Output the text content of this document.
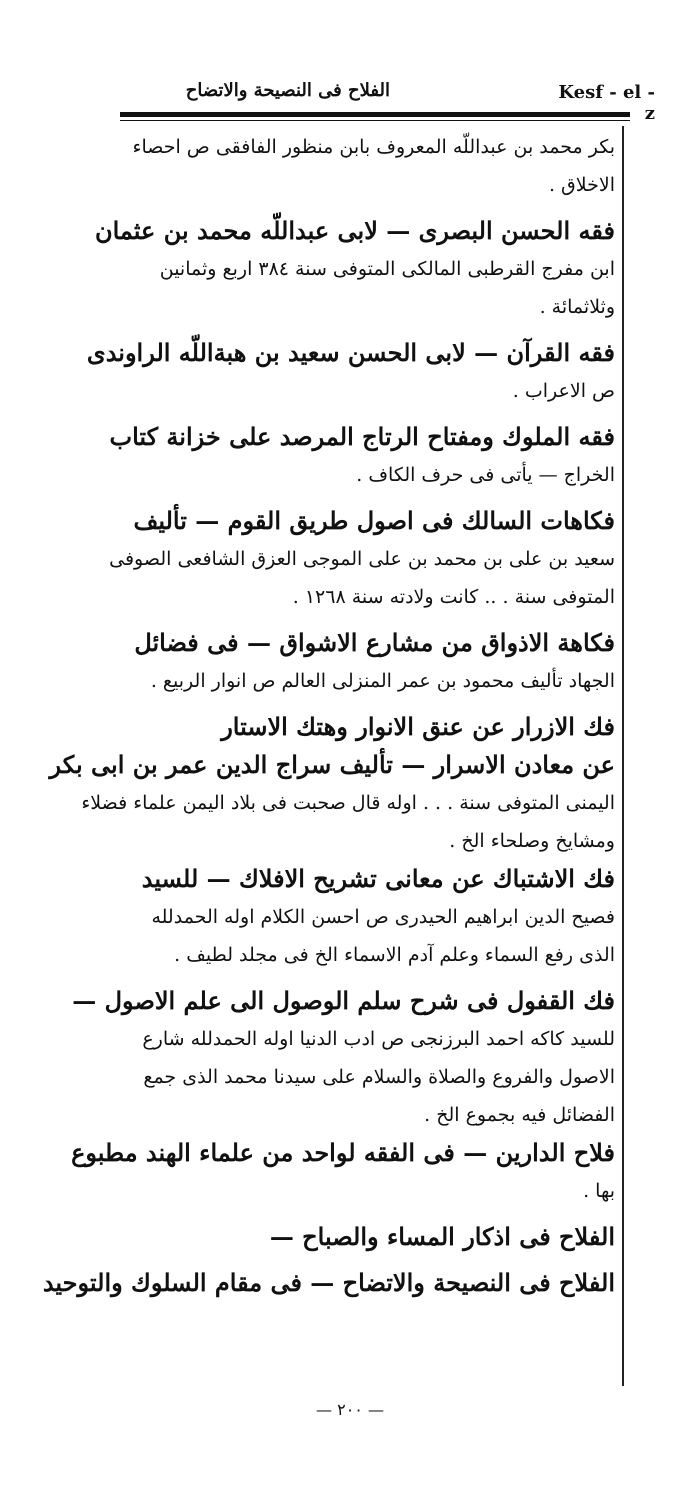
Kesf - el - z
الفلاح فى النصيحة والاتضاح
بكر محمد بن عبداللّه المعروف بابن منظور الفافقى ص احصاء
الاخلاق .
فقه الحسن البصرى — لابى عبداللّه محمد بن عثمان
ابن مفرج القرطبى المالكى المتوفى سنة ٣٨٤ اربع وثمانين
وثلاثمائة .
فقه القرآن — لابى الحسن سعيد بن هبةاللّه الراوندى
ص الاعراب .
فقه الملوك ومفتاح الرتاج المرصد على خزانة كتاب
الخراج — يأتى فى حرف الكاف .
فكاهات السالك فى اصول طريق القوم — تأليف
سعيد بن على بن محمد بن على الموجى العزق الشافعى الصوفى
المتوفى سنة . .. كانت ولادته سنة ١٢٦٨ .
فكاهة الاذواق من مشارع الاشواق — فى فضائل
الجهاد تأليف محمود بن عمر المنزلى العالم ص انوار الربيع .
فك الازرار عن عنق الانوار وهتك الاستار
عن معادن الاسرار — تأليف سراج الدين عمر بن ابى بكر
اليمنى المتوفى سنة . . . اوله قال صحبت فى بلاد اليمن علماء فضلاء
ومشايخ وصلحاء الخ .
فك الاشتباك عن معانى تشريح الافلاك — للسيد
فصيح الدين ابراهيم الحيدرى ص احسن الكلام اوله الحمدلله
الذى رفع السماء وعلم آدم الاسماء الخ فى مجلد لطيف .
فك القفول فى شرح سلم الوصول الى علم الاصول —
للسيد كاكه احمد البرزنجى ص ادب الدنيا اوله الحمدلله شارع
الاصول والفروع والصلاة والسلام على سيدنا محمد الذى جمع
الفضائل فيه بجموع الخ .
فلاح الدارين — فى الفقه لواحد من علماء الهند مطبوع
بها .
الفلاح فى اذكار المساء والصباح —
الفلاح فى النصيحة والاتضاح — فى مقام السلوك والتوحيد
— ٢٠٠ —
